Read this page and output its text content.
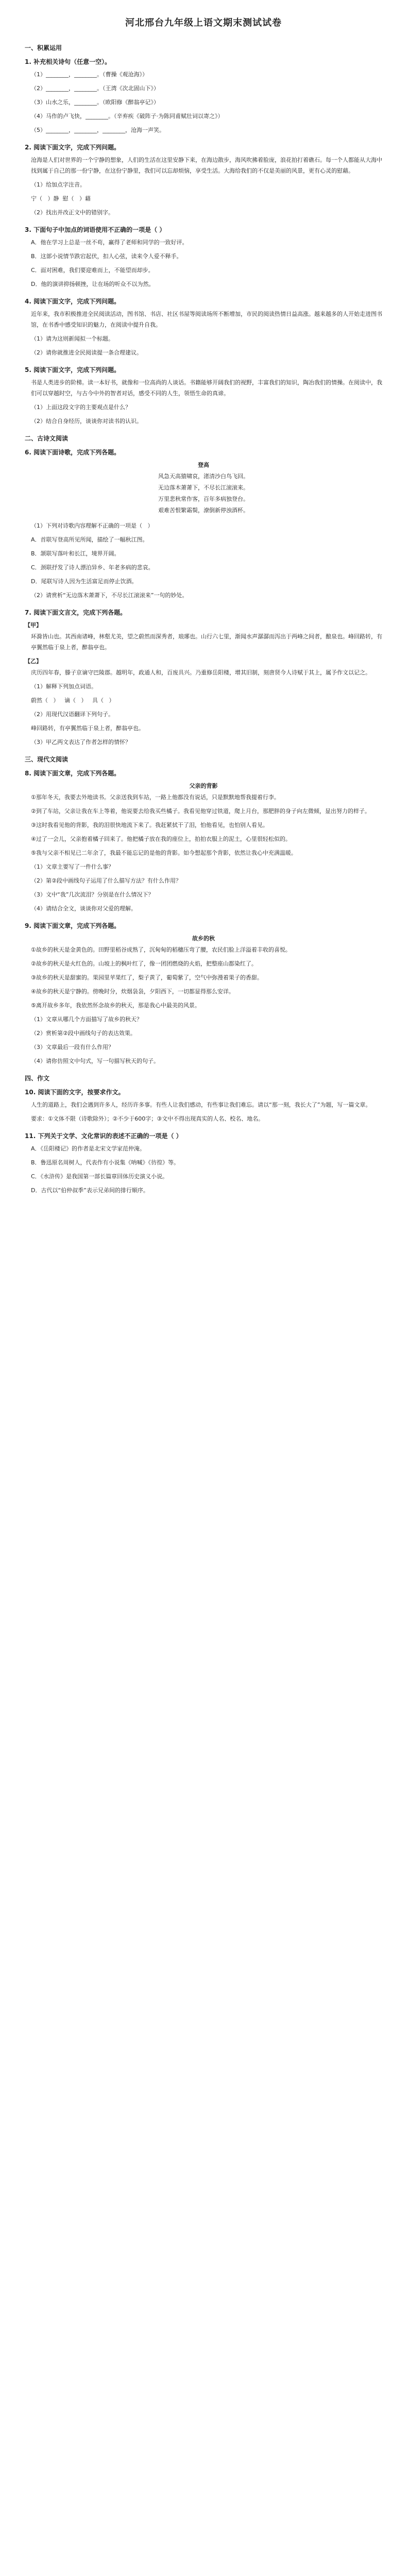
河北邢台九年级上语文期末测试试卷
一、积累运用
1. 补充相关诗句（任意一空）。
（1）________，________。（曹操《观沧海》）
（2）________，________。（王湾《次北固山下》）
（3）山水之乐，________。（欧阳修《醉翁亭记》）
（4）马作的卢飞快，________。（辛弃疾《破阵子·为陈同甫赋壮词以寄之》）
（5）________，________，________，沧海一声笑。
2. 阅读下面文字，完成下列问题。
沧海是人们对世界的一个宁静的想象，人们的生活在这里安静下来，在海边散步，海风吹拂着脸庞，浪花拍打着礁石。每一个人都能从大海中找到属于自己的那一份宁静，在这份宁静里，我们可以忘却烦恼，享受生活。大海给我们的不仅是美丽的风景，更有心灵的慰藉。
（1）给加点字注音。
宁（   ）静  慰（   ）藉
（2）找出并改正文中的错别字。
3. 下面句子中加点的词语使用不正确的一项是（ ）
A．他在学习上总是一丝不苟，赢得了老师和同学的一致好评。
B．这部小说情节跌宕起伏，扣人心弦，读来令人爱不释手。
C．面对困难，我们要迎难而上，不能望而却步。
D．他的演讲抑扬顿挫，让在场的听众不以为然。
4. 阅读下面文字，完成下列问题。
近年来，我市积极推进全民阅读活动，图书馆、书店、社区书屋等阅读场所不断增加，市民的阅读热情日益高涨。越来越多的人开始走进图书馆，在书香中感受知识的魅力，在阅读中提升自我。
（1）请为这则新闻拟一个标题。
（2）请你就推进全民阅读提一条合理建议。
5. 阅读下面文字，完成下列问题。
书是人类进步的阶梯。读一本好书，就像和一位高尚的人谈话。书籍能够开阔我们的视野，丰富我们的知识，陶冶我们的情操。在阅读中，我们可以穿越时空，与古今中外的智者对话，感受不同的人生，领悟生命的真谛。
（1）上面这段文字的主要观点是什么？
（2）结合自身经历，谈谈你对读书的认识。
二、古诗文阅读
6. 阅读下面诗歌，完成下列各题。
登高
风急天高猿啸哀，渚清沙白鸟飞回。
无边落木萧萧下，不尽长江滚滚来。
万里悲秋常作客，百年多病独登台。
艰难苦恨繁霜鬓，潦倒新停浊酒杯。
（1）下列对诗歌内容理解不正确的一项是（   ）
A．首联写登高所见所闻，描绘了一幅秋江图。
B．颔联写落叶和长江，境界开阔。
C．颈联抒发了诗人漂泊异乡、年老多病的悲哀。
D．尾联写诗人因为生活富足而停止饮酒。
（2）请赏析“无边落木萧萧下，不尽长江滚滚来”一句的妙处。
7. 阅读下面文言文，完成下列各题。
【甲】
环滁皆山也。其西南诸峰，林壑尤美，望之蔚然而深秀者，琅琊也。山行六七里，渐闻水声潺潺而泻出于两峰之间者，酿泉也。峰回路转，有亭翼然临于泉上者，醉翁亭也。
【乙】
庆历四年春，滕子京谪守巴陵郡。越明年，政通人和，百废具兴。乃重修岳阳楼，增其旧制，刻唐贤今人诗赋于其上，属予作文以记之。
（1）解释下列加点词语。
蔚然（   ）   谪（   ）   具（   ）
（2）用现代汉语翻译下列句子。
峰回路转，有亭翼然临于泉上者，醉翁亭也。
（3）甲乙两文表达了作者怎样的情怀？
三、现代文阅读
8. 阅读下面文章，完成下列各题。
父亲的背影
①那年冬天，我要去外地读书。父亲送我到车站，一路上他都没有说话，只是默默地帮我提着行李。
②到了车站，父亲让我在车上等着，他说要去给我买些橘子。我看见他穿过铁道，爬上月台，那肥胖的身子向左微倾，显出努力的样子。
③这时我看见他的背影，我的泪很快地流下来了。我赶紧拭干了泪，怕他看见，也怕别人看见。
④过了一会儿，父亲抱着橘子回来了。他把橘子放在我的座位上，拍拍衣服上的泥土，心里很轻松似的。
⑤我与父亲不相见已二年余了，我最不能忘记的是他的背影。如今想起那个背影，依然让我心中充满温暖。
（1）文章主要写了一件什么事？
（2）第②段中画线句子运用了什么描写方法？有什么作用？
（3）文中“我”几次流泪？分别是在什么情况下？
（4）请结合全文，谈谈你对父爱的理解。
9. 阅读下面文章，完成下列各题。
故乡的秋
①故乡的秋天是金黄色的。田野里稻谷成熟了，沉甸甸的稻穗压弯了腰，农民们脸上洋溢着丰收的喜悦。
②故乡的秋天是火红色的。山坡上的枫叶红了，像一团团燃烧的火焰，把整座山都染红了。
③故乡的秋天是甜蜜的。果园里苹果红了，梨子黄了，葡萄紫了，空气中弥漫着果子的香甜。
④故乡的秋天是宁静的。傍晚时分，炊烟袅袅，夕阳西下，一切都显得那么安详。
⑤离开故乡多年，我依然怀念故乡的秋天，那是我心中最美的风景。
（1）文章从哪几个方面描写了故乡的秋天？
（2）赏析第②段中画线句子的表达效果。
（3）文章最后一段有什么作用？
（4）请你仿照文中句式，写一句描写秋天的句子。
四、作文
10. 阅读下面的文字，按要求作文。
人生的道路上，我们会遇到许多人，经历许多事。有些人让我们感动，有些事让我们难忘。请以“那一刻，我长大了”为题，写一篇文章。
要求：①文体不限（诗歌除外）；②不少于600字；③文中不得出现真实的人名、校名、地名。
11. 下列关于文学、文化常识的表述不正确的一项是（ ）
A．《岳阳楼记》的作者是北宋文学家范仲淹。
B．鲁迅原名周树人，代表作有小说集《呐喊》《彷徨》等。
C．《水浒传》是我国第一部长篇章回体历史演义小说。
D．古代以“伯仲叔季”表示兄弟间的排行顺序。
